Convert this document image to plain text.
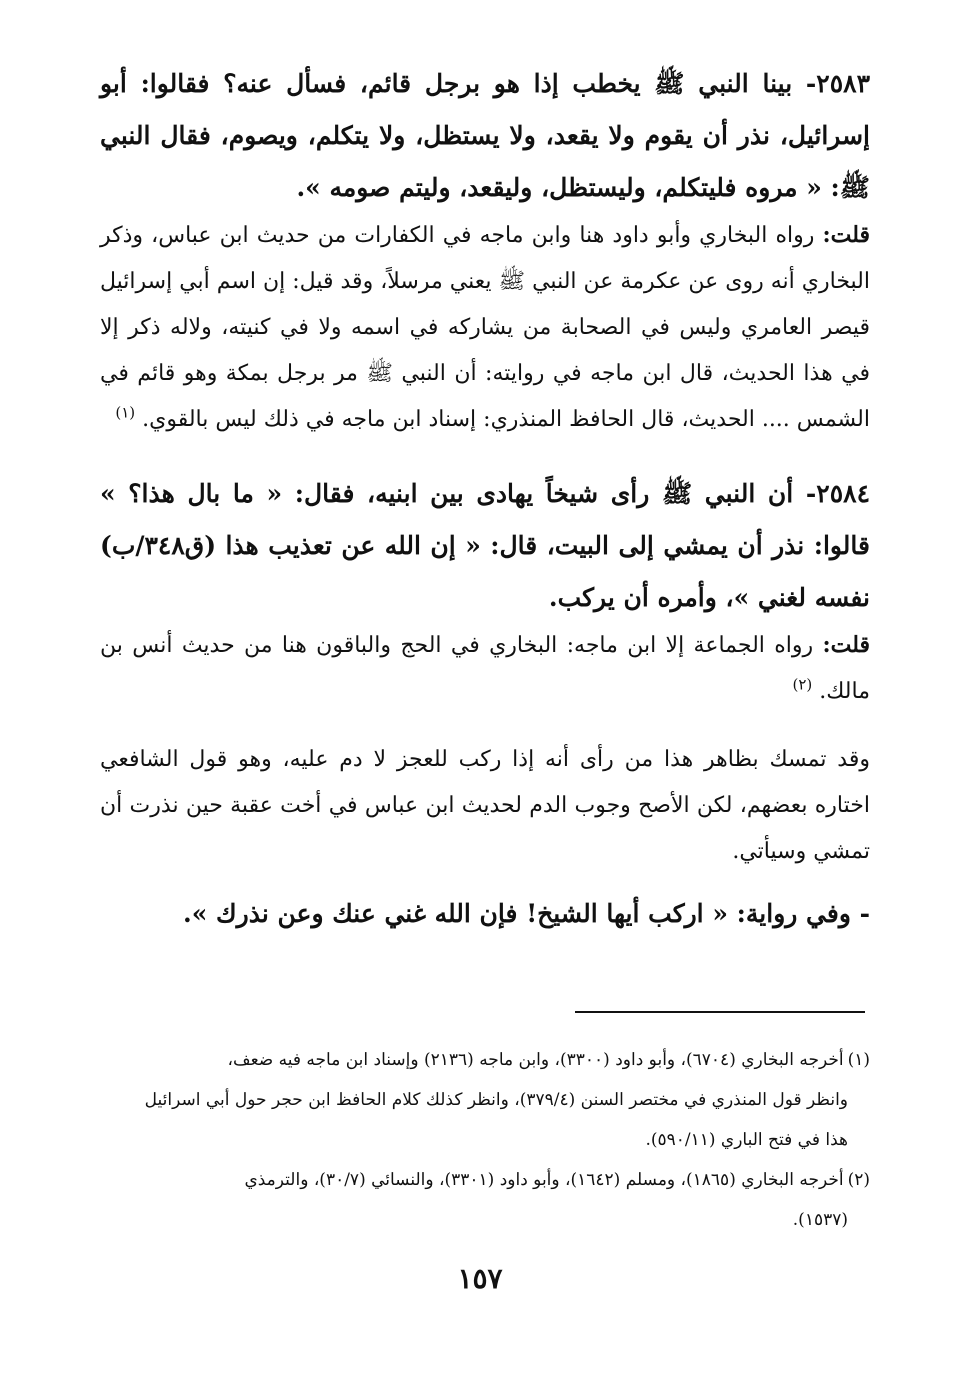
٢٥٨٣- بينا النبي ﷺ يخطب إذا هو برجل قائم، فسأل عنه؟ فقالوا: أبو إسرائيل، نذر أن يقوم ولا يقعد، ولا يستظل، ولا يتكلم، ويصوم، فقال النبي ﷺ: « مروه فليتكلم، وليستظل، وليقعد، وليتم صومه ».

قلت: رواه البخاري وأبو داود هنا وابن ماجه في الكفارات من حديث ابن عباس، وذكر البخاري أنه روى عن عكرمة عن النبي ﷺ يعني مرسلاً، وقد قيل: إن اسم أبي إسرائيل قيصر العامري وليس في الصحابة من يشاركه في اسمه ولا في كنيته، ولاله ذكر إلا في هذا الحديث، قال ابن ماجه في روايته: أن النبي ﷺ مر برجل بمكة وهو قائم في الشمس .... الحديث، قال الحافظ المنذري: إسناد ابن ماجه في ذلك ليس بالقوي. $^{(١)}$

٢٥٨٤- أن النبي ﷺ رأى شيخاً يهادى بين ابنيه، فقال: « ما بال هذا؟ » قالوا: نذر أن يمشي إلى البيت، قال: « إن الله عن تعذيب هذا (ق٣٤٨/ب) نفسه لغني »، وأمره أن يركب.

قلت: رواه الجماعة إلا ابن ماجه: البخاري في الحج والباقون هنا من حديث أنس بن مالك. $^{(٢)}$

وقد تمسك بظاهر هذا من رأى أنه إذا ركب للعجز لا دم عليه، وهو قول الشافعي اختاره بعضهم، لكن الأصح وجوب الدم لحديث ابن عباس في أخت عقبة حين نذرت أن تمشي وسيأتي.

- وفي رواية: « اركب أيها الشيخ! فإن الله غني عنك وعن نذرك ».

(١)أخرجه البخاري (٦٧٠٤)، وأبو داود (٣٣٠٠)، وابن ماجه (٢١٣٦) وإسناد ابن ماجه فيه ضعف،
وانظر قول المنذري في مختصر السنن (٣٧٩/٤)، وانظر كذلك كلام الحافظ ابن حجر حول أبي اسرائيل
هذا في فتح الباري (٥٩٠/١١).
(٢)أخرجه البخاري (١٨٦٥)، ومسلم (١٦٤٢)، وأبو داود (٣٣٠١)، والنسائي (٣٠/٧)، والترمذي
(١٥٣٧).
١٥٧
